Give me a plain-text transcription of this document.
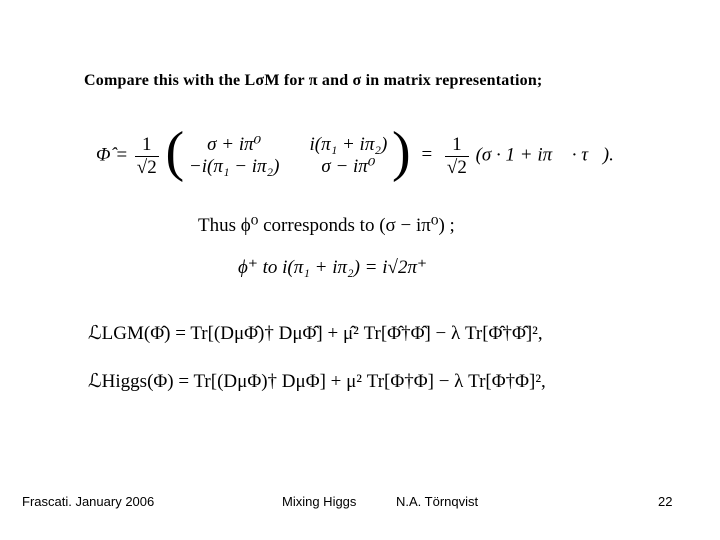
Compare this with the LσM for π and σ in matrix representation;
Φ̂ = $\frac{1}{√2}$ (	σ + iπ⁰	i(π₁ + iπ₂)
−i(π₁ − iπ₂)	σ − iπ⁰ ) = $\frac{1}{√2} (\sigma \cdot 1$ + iπ⃗ · τ⃗).
Thus ϕ⁰ corresponds to (σ − iπ⁰) ;
ϕ⁺ to i(π₁ + iπ₂) = i√2π⁺
ℒLGM(Φ̂) = Tr[(DμΦ̂)† DμΦ̂] + μ̂² Tr[Φ̂†Φ̂] − λ Tr[Φ̂†Φ̂]²,
ℒHiggs(Φ) = Tr[(DμΦ)† DμΦ] + μ² Tr[Φ†Φ] − λ Tr[Φ†Φ]²,
Frascati. January 2006	Mixing Higgs	N.A. Törnqvist	22
